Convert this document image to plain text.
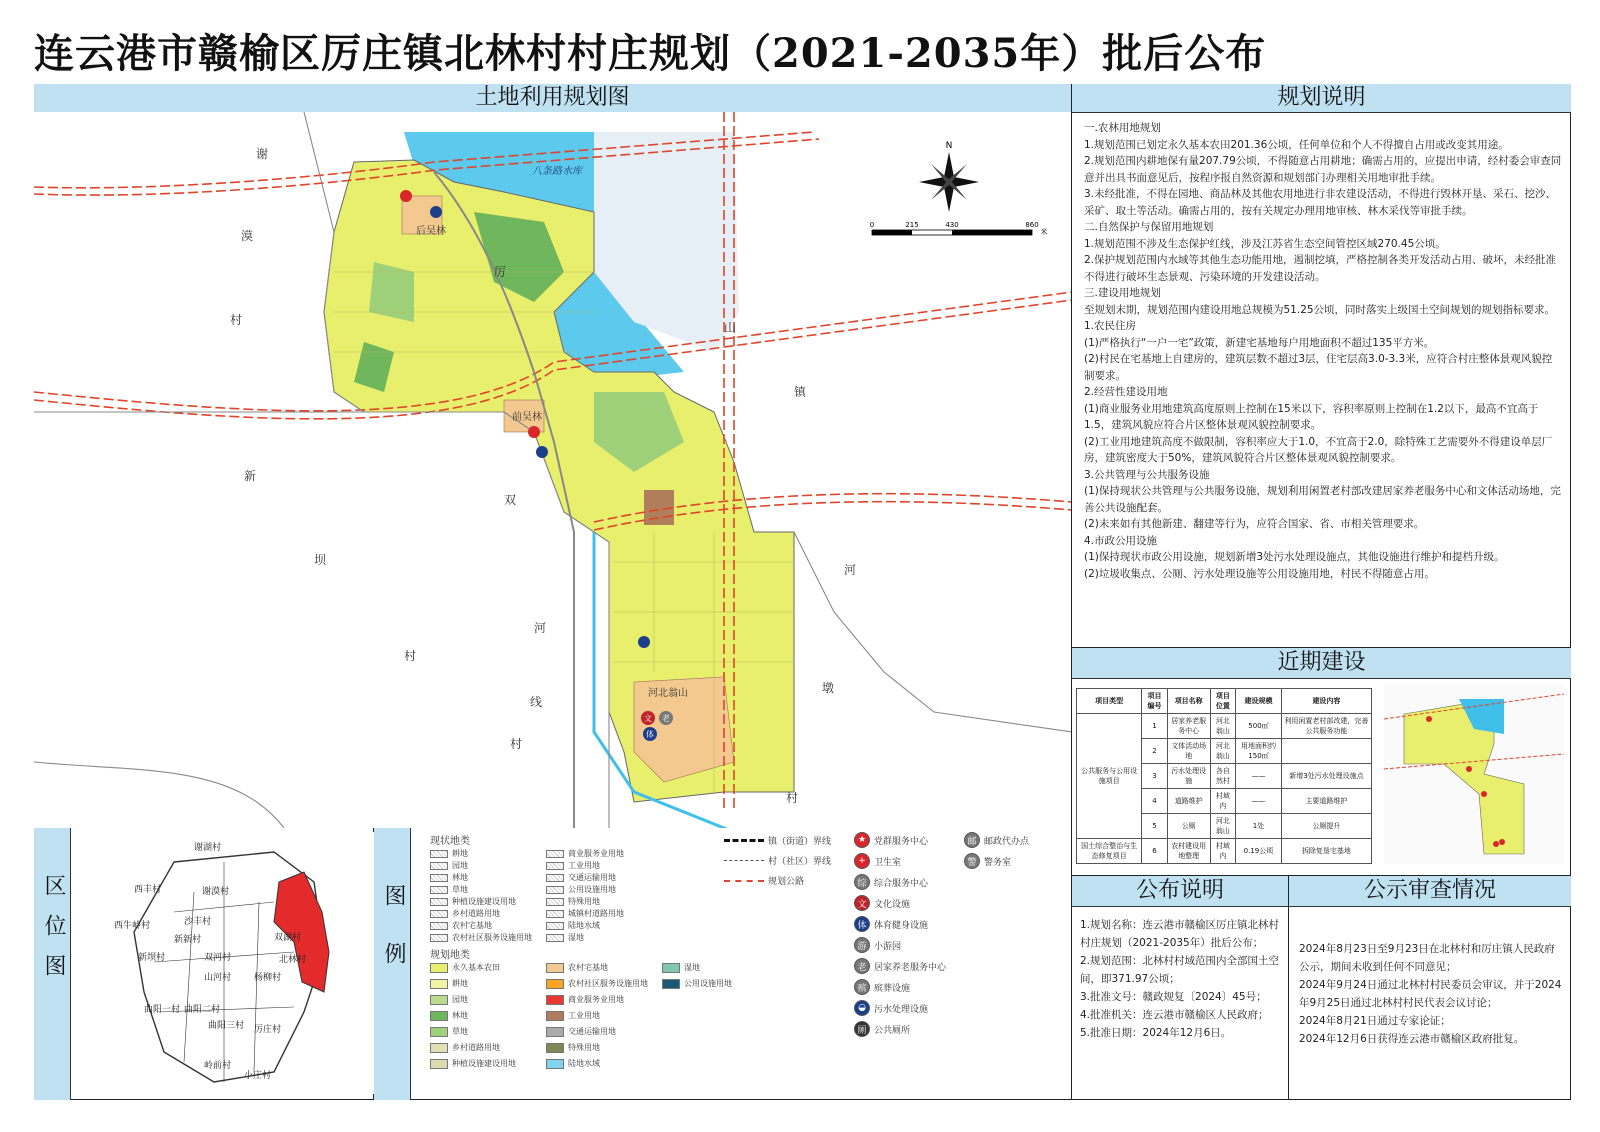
连云港市赣榆区厉庄镇北林村村庄规划（2021-2035年）批后公布
土地利用规划图
谢
漠
村
新
坝
村
厉
山
镇
双
河
线
村
河
墩
村
八条路水库
后吴林
前吴林
河北翁山
文 老
体
N
0	215	430	860
米
规划说明

一.农林用地规划

1.规划范围已划定永久基本农田201.36公顷，任何单位和个人不得擅自占用或改变其用途。

2.规划范围内耕地保有量207.79公顷，不得随意占用耕地；确需占用的，应提出申请，经村委会审查同意并出具书面意见后，按程序报自然资源和规划部门办理相关用地审批手续。

3.未经批准，不得在园地、商品林及其他农用地进行非农建设活动，不得进行毁林开垦、采石、挖沙、采矿、取土等活动。确需占用的，按有关规定办理用地审核、林木采伐等审批手续。

二.自然保护与保留用地规划

1.规划范围不涉及生态保护红线，涉及江苏省生态空间管控区域270.45公顷。

2.保护规划范围内水域等其他生态功能用地，遏制挖填，严格控制各类开发活动占用、破坏，未经批准不得进行破坏生态景观、污染环境的开发建设活动。

三.建设用地规划

至规划末期，规划范围内建设用地总规模为51.25公顷，同时落实上级国土空间规划的规划指标要求。

1.农民住房

(1)严格执行“一户一宅”政策，新建宅基地每户用地面积不超过135平方米。

(2)村民在宅基地上自建房的，建筑层数不超过3层，住宅层高3.0-3.3米，应符合村庄整体景观风貌控制要求。

2.经营性建设用地

(1)商业服务业用地建筑高度原则上控制在15米以下，容积率原则上控制在1.2以下，最高不宜高于1.5，建筑风貌应符合片区整体景观风貌控制要求。

(2)工业用地建筑高度不做限制，容积率应大于1.0，不宜高于2.0，除特殊工艺需要外不得建设单层厂房，建筑密度大于50%，建筑风貌符合片区整体景观风貌控制要求。

3.公共管理与公共服务设施

(1)保持现状公共管理与公共服务设施，规划利用闲置老村部改建居家养老服务中心和文体活动场地，完善公共设施配套。

(2)未来如有其他新建、翻建等行为，应符合国家、省、市相关管理要求。

4.市政公用设施

(1)保持现状市政公用设施，规划新增3处污水处理设施点，其他设施进行维护和提档升级。

(2)垃圾收集点、公厕、污水处理设施等公用设施用地，村民不得随意占用。

近期建设
项目类型	项目编号	项目名称	项目位置	建设规模	建设内容
公共服务与公用设施项目	1	居家养老服务中心	河北翁山	500㎡	利用闲置老村部改建，完善公共服务功能
	2	文体活动场地	河北翁山	用地面积约150㎡	
	3	污水处理设施	各自然村	——	新增3处污水处理设施点
	4	道路维护	村域内	——	主要道路维护
	5	公厕	河北翁山	1处	公厕提升
国土综合整治与生态修复项目	6	农村建设用地整理	村域内	0.19公顷	拆除复垦宅基地
公布说明

1.规划名称：连云港市赣榆区厉庄镇北林村村庄规划（2021-2035年）批后公布；

2.规划范围：北林村村域范围内全部国土空间，即371.97公顷；

3.批准文号：赣政规复〔2024〕45号；

4.批准机关：连云港市赣榆区人民政府；

5.批准日期：2024年12月6日。

公示审查情况

2024年8月23日至9月23日在北林村和厉庄镇人民政府公示，期间未收到任何不同意见；

2024年9月24日通过北林村村民委员会审议，并于2024年9月25日通过北林村村民代表会议讨论；

2024年8月21日通过专家论证；

2024年12月6日获得连云港市赣榆区政府批复。

区位图
谢湖村
西丰村	谢漠村
沙丰村
新新村
新坝村	双河村	北林村
山河村	杨柳村
曲阳一村 曲阳二村
曲阳三村 厉庄村
岭前村
小庄村
西牛岭村
双湖村	图例
现状地类
规划地类
耕地
园地
林地
草地
种植设施建设用地
乡村道路用地
农村宅基地
农村社区服务设施用地
商业服务业用地
工业用地
交通运输用地
公用设施用地
特殊用地
城镇村道路用地
陆地水域
湿地
永久基本农田
耕地
园地
林地
草地
乡村道路用地
种植设施建设用地
农村宅基地
农村社区服务设施用地
商业服务业用地
工业用地
交通运输用地
特殊用地
陆地水域
湿地
公用设施用地
镇（街道）界线
村（社区）界线
规划公路
★ 党群服务中心
+ 卫生室
综 综合服务中心
文 文化设施
体 体育健身设施
游 小游园
老 居家养老服务中心
殡 殡葬设施
◒ 污水处理设施
厕 公共厕所
邮 邮政代办点
警 警务室
